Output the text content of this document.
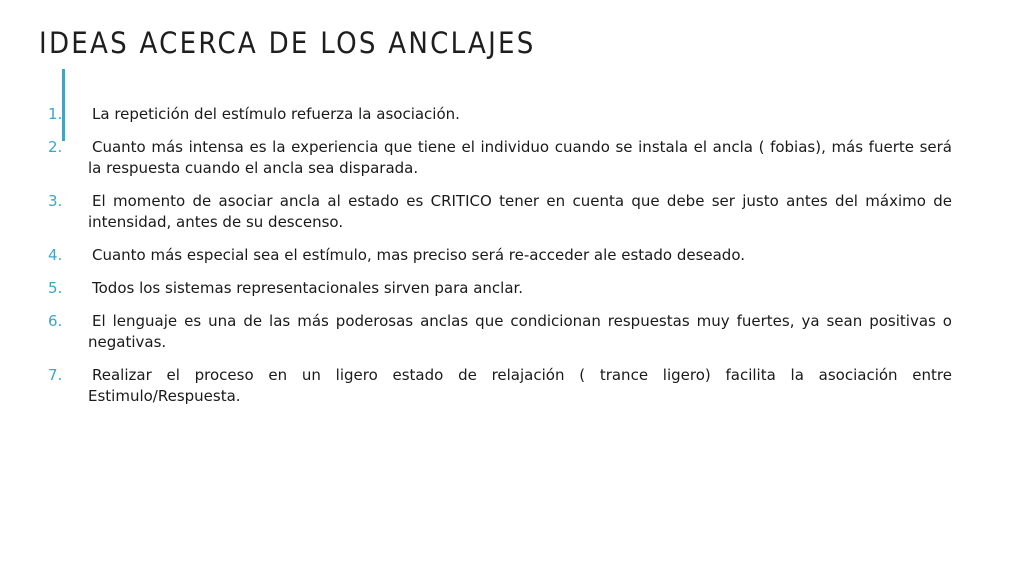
IDEAS ACERCA DE LOS ANCLAJES
1.	La repetición del estímulo refuerza la asociación.
2.	Cuanto más intensa es la experiencia que tiene el individuo cuando se instala el ancla ( fobias), más fuerte será la respuesta cuando el ancla sea disparada.
3.	El momento de asociar ancla al estado es CRITICO tener en cuenta que debe ser justo antes del máximo de intensidad, antes de su descenso.
4.	Cuanto más especial sea el estímulo, mas preciso será re-acceder ale estado deseado.
5.	Todos los sistemas representacionales sirven para anclar.
6.	El lenguaje es una de las más poderosas anclas que condicionan respuestas muy fuertes, ya sean positivas o negativas.
7.	Realizar el proceso en un ligero estado de relajación ( trance ligero) facilita la asociación entre Estimulo/Respuesta.
